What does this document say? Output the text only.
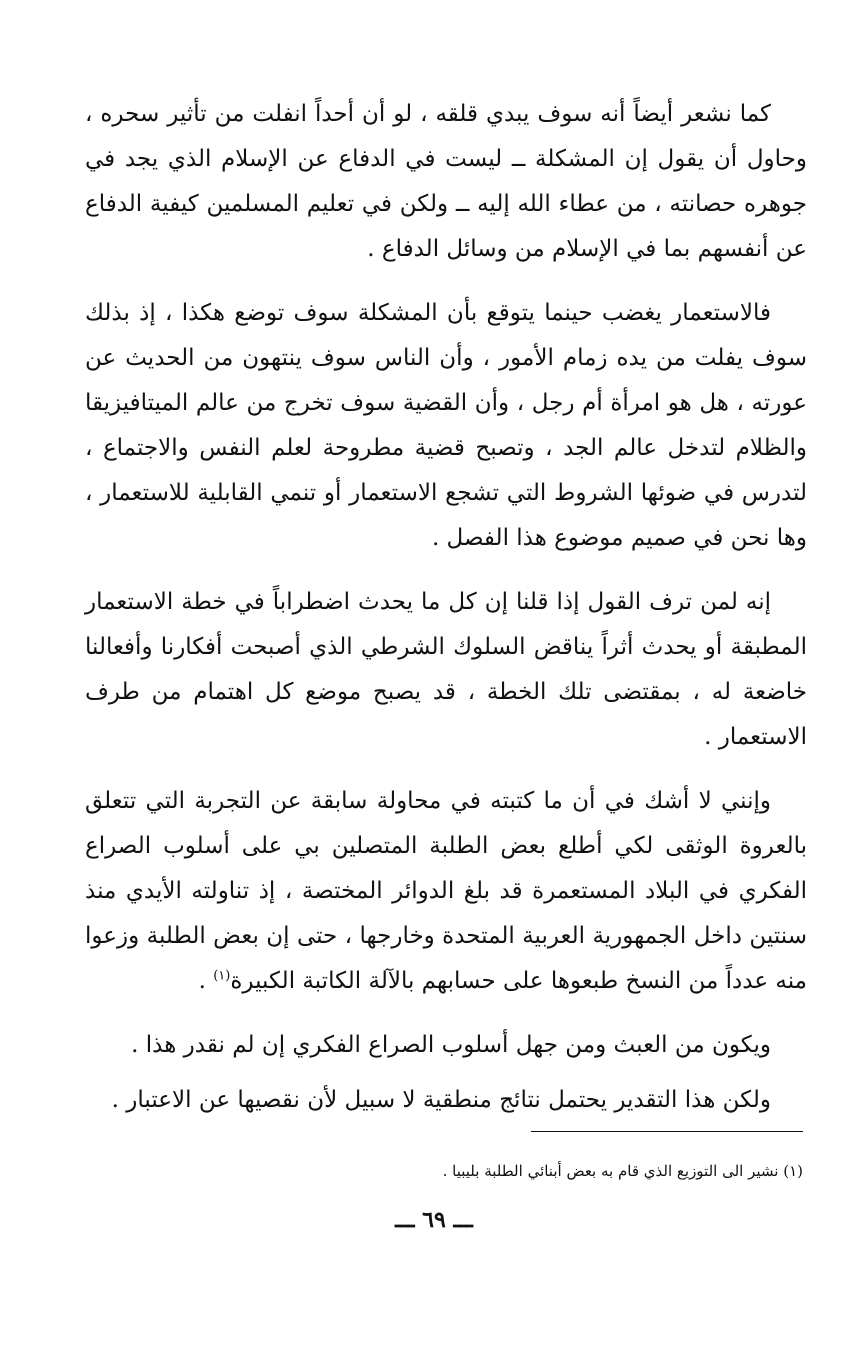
كما نشعر أيضاً أنه سوف يبدي قلقه ، لو أن أحداً انفلت من تأثير سحره ، وحاول أن يقول إن المشكلة ــ ليست في الدفاع عن الإسلام الذي يجد في جوهره حصانته ، من عطاء الله إليه ــ ولكن في تعليم المسلمين كيفية الدفاع عن أنفسهم بما في الإسلام من وسائل الدفاع .

فالاستعمار يغضب حينما يتوقع بأن المشكلة سوف توضع هكذا ، إذ بذلك سوف يفلت من يده زمام الأمور ، وأن الناس سوف ينتهون من الحديث عن عورته ، هل هو امرأة أم رجل ، وأن القضية سوف تخرج من عالم الميتافيزيقا والظلام لتدخل عالم الجد ، وتصبح قضية مطروحة لعلم النفس والاجتماع ، لتدرس في ضوئها الشروط التي تشجع الاستعمار أو تنمي القابلية للاستعمار ، وها نحن في صميم موضوع هذا الفصل .

إنه لمن ترف القول إذا قلنا إن كل ما يحدث اضطراباً في خطة الاستعمار المطبقة أو يحدث أثراً يناقض السلوك الشرطي الذي أصبحت أفكارنا وأفعالنا خاضعة له ، بمقتضى تلك الخطة ، قد يصبح موضع كل اهتمام من طرف الاستعمار .

وإنني لا أشك في أن ما كتبته في محاولة سابقة عن التجربة التي تتعلق بالعروة الوثقى لكي أطلع بعض الطلبة المتصلين بي على أسلوب الصراع الفكري في البلاد المستعمرة قد بلغ الدوائر المختصة ، إذ تناولته الأيدي منذ سنتين داخل الجمهورية العربية المتحدة وخارجها ، حتى إن بعض الطلبة وزعوا منه عدداً من النسخ طبعوها على حسابهم بالآلة الكاتبة الكبيرة$^{(١)}$ .

ويكون من العبث ومن جهل أسلوب الصراع الفكري إن لم نقدر هذا .

ولكن هذا التقدير يحتمل نتائج منطقية لا سبيل لأن نقصيها عن الاعتبار .

(١) نشير الى التوزيع الذي قام به بعض أبنائي الطلبة بليبيا .
ـــ ٦٩ ـــ
